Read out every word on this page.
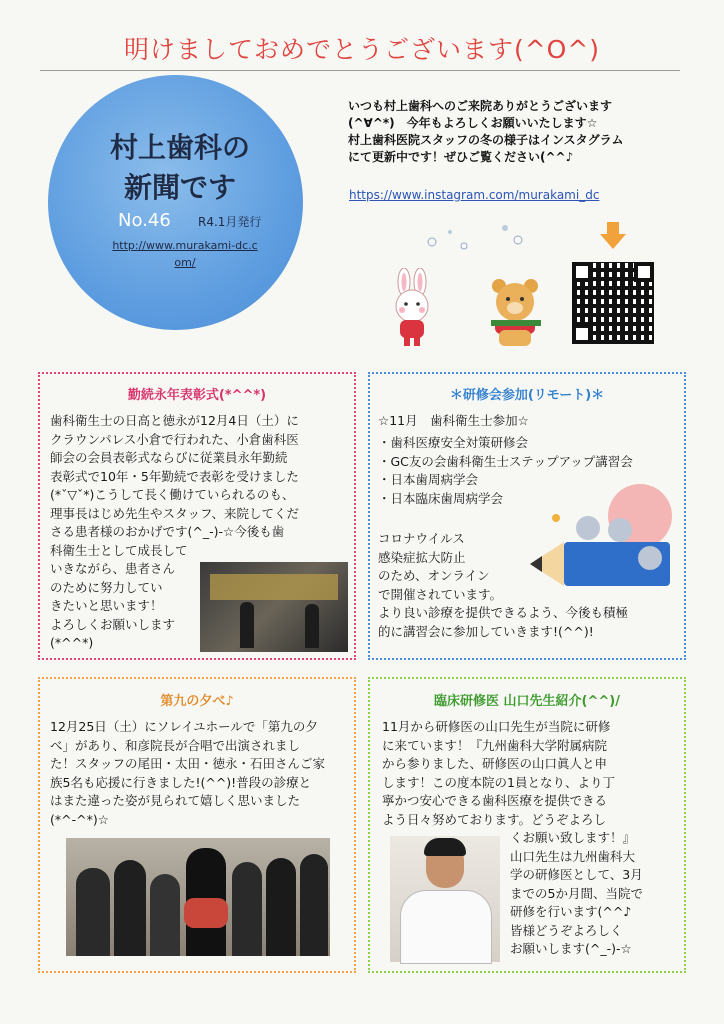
明けましておめでとうございます(^O^)
村上歯科の
新聞です
No.46 R4.1月発行
http://www.murakami-dc.com/
いつも村上歯科へのご来院ありがとうございます
(^∀^*)　今年もよろしくお願いいたします☆
村上歯科医院スタッフの冬の様子はインスタグラム
にて更新中です！ぜひご覧ください(^^♪
https://www.instagram.com/murakami_dc
勤続永年表彰式(*^^*)
歯科衛生士の日高と徳永が12月4日（土）に
クラウンパレス小倉で行われた、小倉歯科医
師会の会員表彰式ならびに従業員永年勤続
表彰式で10年・5年勤続で表彰を受けました
(*ˇ▽ˇ*)こうして長く働けていられるのも、
理事長はじめ先生やスタッフ、来院してくだ
さる患者様のおかげです(^_-)-☆今後も歯
科衛生士として成長して
いきながら、患者さん
のために努力してい
きたいと思います！
よろしくお願いします
(*^^*)
＊研修会参加(リモート)＊
☆11月　歯科衛生士参加☆
・歯科医療安全対策研修会
・GC友の会歯科衛生士ステップアップ講習会
・日本歯周病学会
・日本臨床歯周病学会
コロナウイルス
感染症拡大防止
のため、オンライン
で開催されています。
より良い診療を提供できるよう、今後も積極
的に講習会に参加していきます!(^^)!
第九の夕べ♪
12月25日（土）にソレイユホールで「第九の夕
べ」があり、和彦院長が合唱で出演されまし
た！スタッフの尾田・太田・徳永・石田さんご家
族5名も応援に行きました!(^^)!普段の診療と
はまた違った姿が見られて嬉しく思いました
(*^-^*)☆
臨床研修医 山口先生紹介(^^)/
11月から研修医の山口先生が当院に研修
に来ています！『九州歯科大学附属病院
から参りました、研修医の山口眞人と申
します！この度本院の1員となり、より丁
寧かつ安心できる歯科医療を提供できる
よう日々努めております。どうぞよろし
くお願い致します！』
山口先生は九州歯科大
学の研修医として、3月
までの5か月間、当院で
研修を行います(^^♪
皆様どうぞよろしく
お願いします(^_-)-☆
